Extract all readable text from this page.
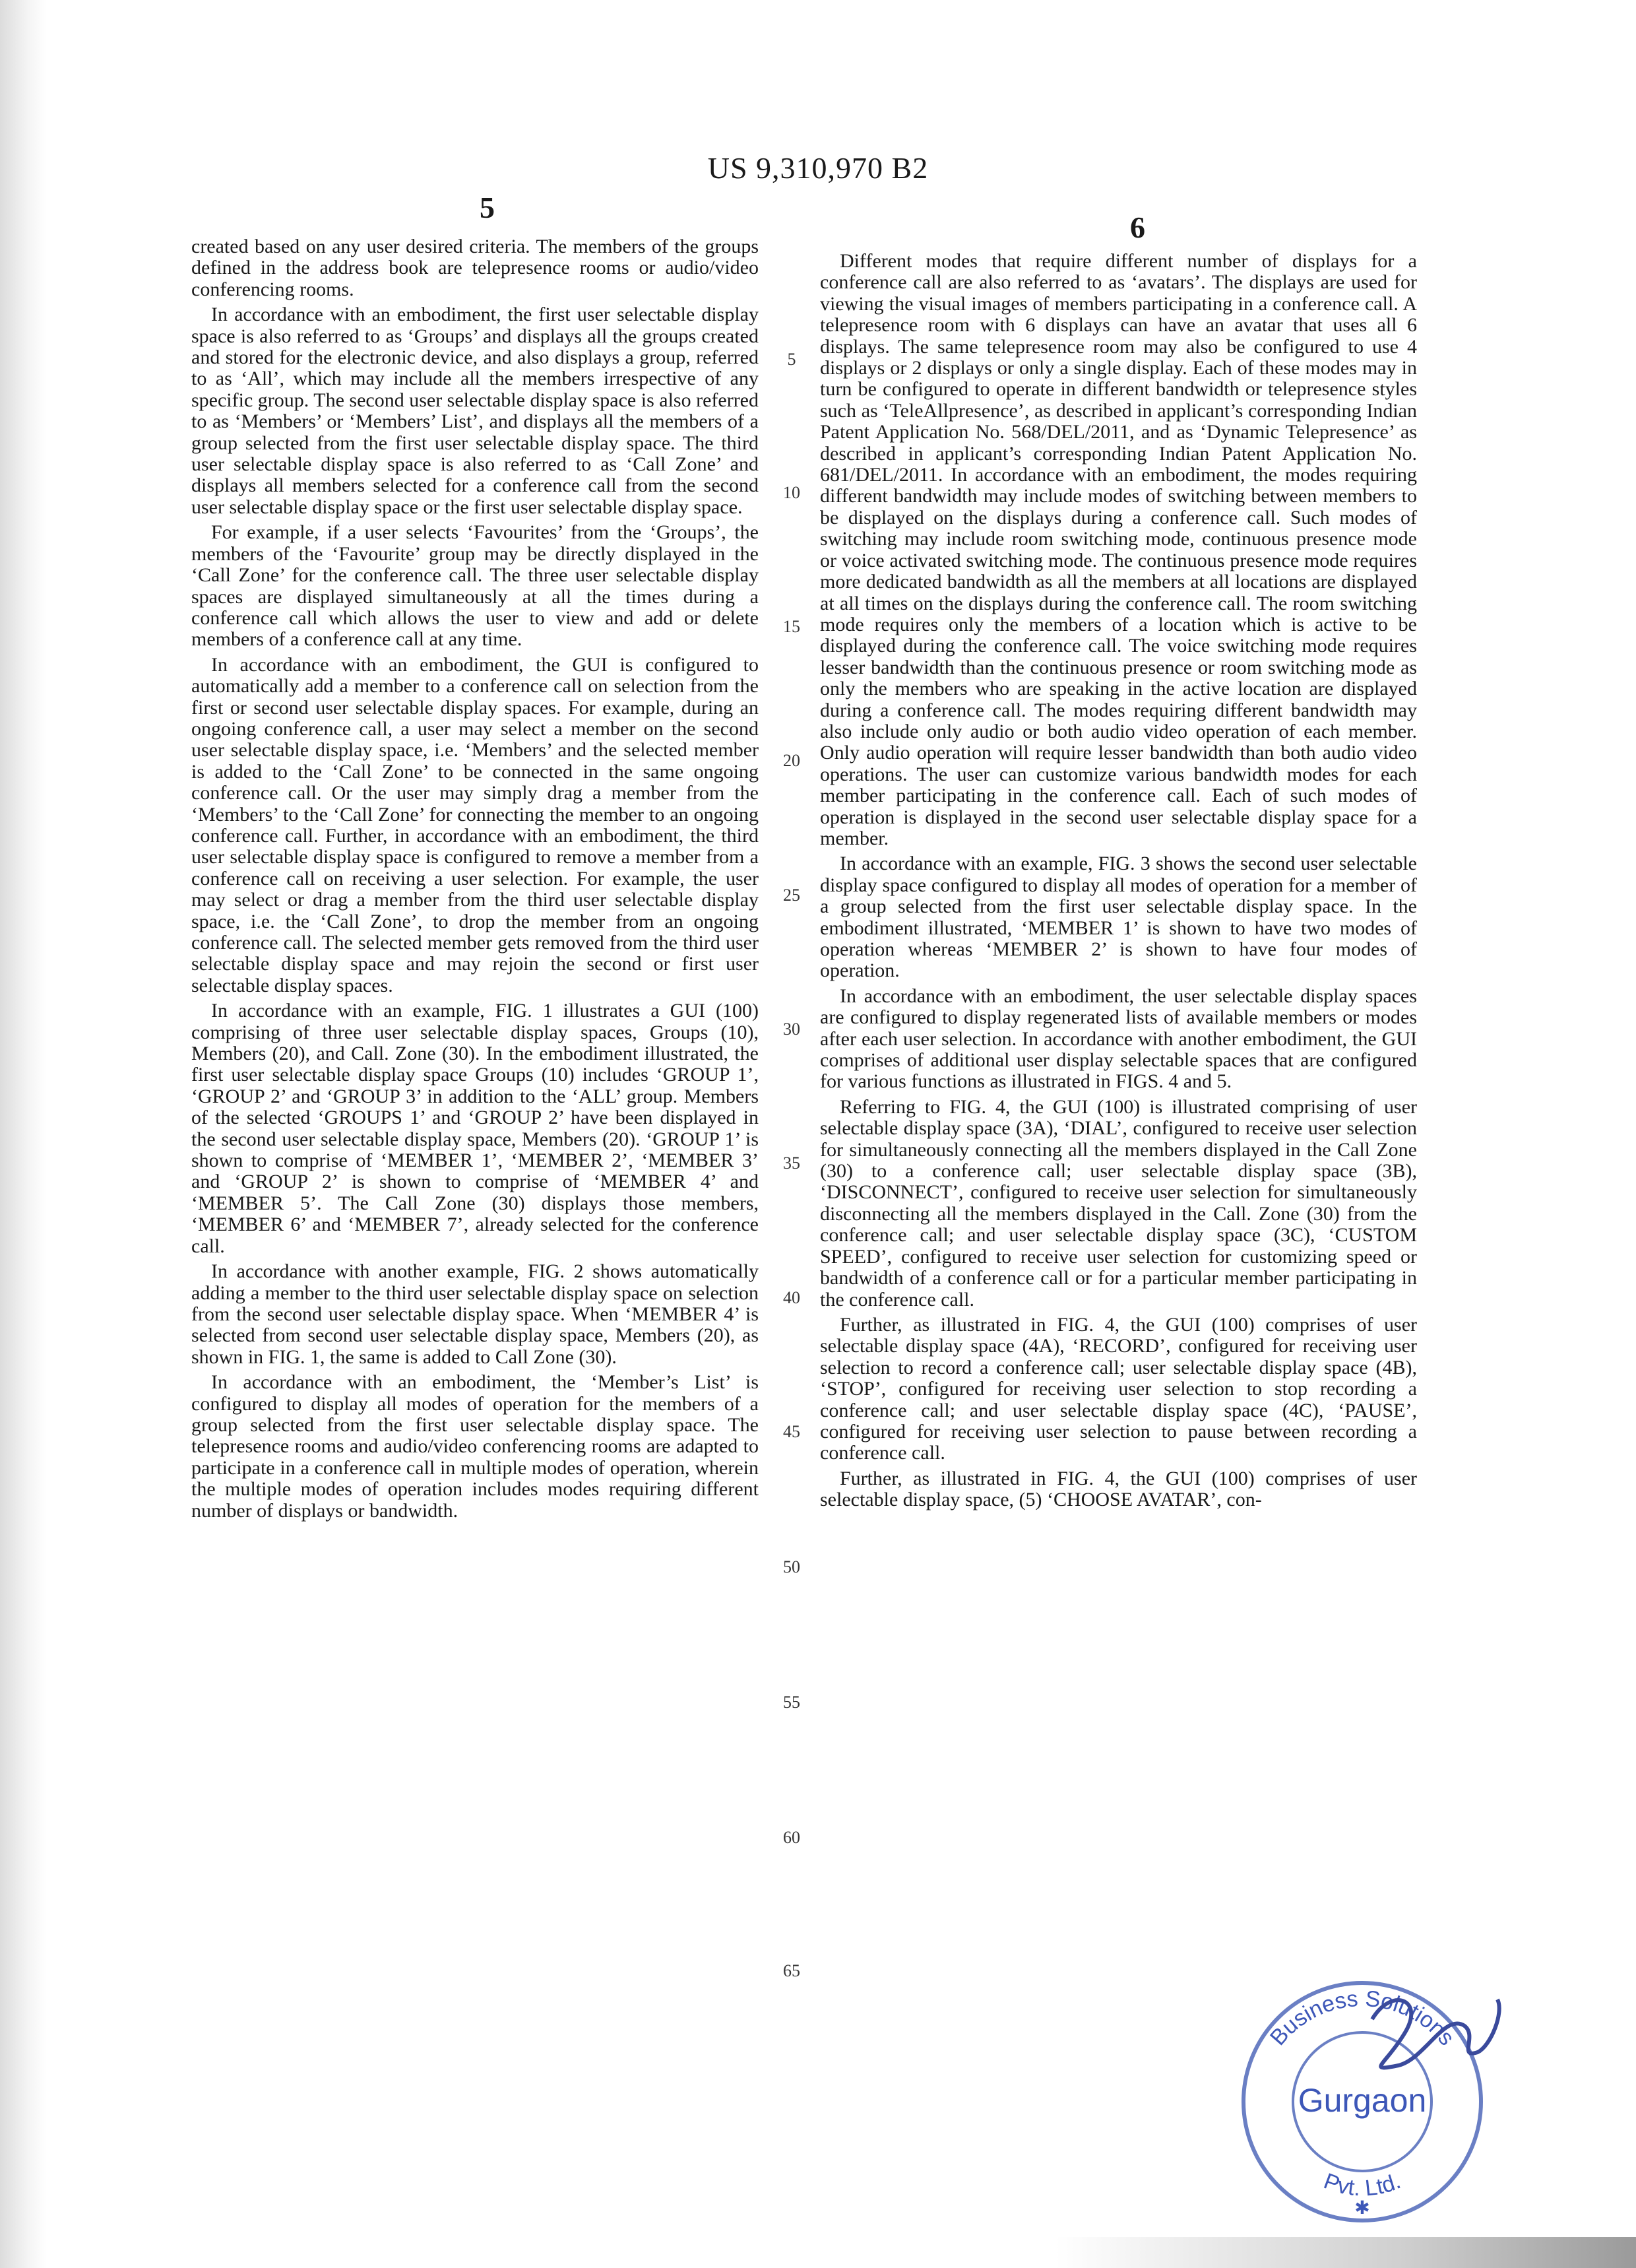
US 9,310,970 B2
5
6

created based on any user desired criteria. The members of the groups defined in the address book are telepresence rooms or audio/video conferencing rooms.

In accordance with an embodiment, the first user selectable display space is also referred to as ‘Groups’ and displays all the groups created and stored for the electronic device, and also displays a group, referred to as ‘All’, which may include all the members irrespective of any specific group. The second user selectable display space is also referred to as ‘Members’ or ‘Members’ List’, and displays all the members of a group selected from the first user selectable display space. The third user selectable display space is also referred to as ‘Call Zone’ and displays all members selected for a conference call from the second user selectable display space or the first user selectable display space.

For example, if a user selects ‘Favourites’ from the ‘Groups’, the members of the ‘Favourite’ group may be directly displayed in the ‘Call Zone’ for the conference call. The three user selectable display spaces are displayed simultaneously at all the times during a conference call which allows the user to view and add or delete members of a conference call at any time.

In accordance with an embodiment, the GUI is configured to automatically add a member to a conference call on selection from the first or second user selectable display spaces. For example, during an ongoing conference call, a user may select a member on the second user selectable display space, i.e. ‘Members’ and the selected member is added to the ‘Call Zone’ to be connected in the same ongoing conference call. Or the user may simply drag a member from the ‘Members’ to the ‘Call Zone’ for connecting the member to an ongoing conference call. Further, in accordance with an embodiment, the third user selectable display space is configured to remove a member from a conference call on receiving a user selection. For example, the user may select or drag a member from the third user selectable display space, i.e. the ‘Call Zone’, to drop the member from an ongoing conference call. The selected member gets removed from the third user selectable display space and may rejoin the second or first user selectable display spaces.

In accordance with an example, FIG. 1 illustrates a GUI (100) comprising of three user selectable display spaces, Groups (10), Members (20), and Call. Zone (30). In the embodiment illustrated, the first user selectable display space Groups (10) includes ‘GROUP 1’, ‘GROUP 2’ and ‘GROUP 3’ in addition to the ‘ALL’ group. Members of the selected ‘GROUPS 1’ and ‘GROUP 2’ have been displayed in the second user selectable display space, Members (20). ‘GROUP 1’ is shown to comprise of ‘MEMBER 1’, ‘MEMBER 2’, ‘MEMBER 3’ and ‘GROUP 2’ is shown to comprise of ‘MEMBER 4’ and ‘MEMBER 5’. The Call Zone (30) displays those members, ‘MEMBER 6’ and ‘MEMBER 7’, already selected for the conference call.

In accordance with another example, FIG. 2 shows automatically adding a member to the third user selectable display space on selection from the second user selectable display space. When ‘MEMBER 4’ is selected from second user selectable display space, Members (20), as shown in FIG. 1, the same is added to Call Zone (30).

In accordance with an embodiment, the ‘Member’s List’ is configured to display all modes of operation for the members of a group selected from the first user selectable display space. The telepresence rooms and audio/video conferencing rooms are adapted to participate in a conference call in multiple modes of operation, wherein the multiple modes of operation includes modes requiring different number of displays or bandwidth.

5
10
15
20
25
30
35
40
45
50
55
60
65

Different modes that require different number of displays for a conference call are also referred to as ‘avatars’. The displays are used for viewing the visual images of members participating in a conference call. A telepresence room with 6 displays can have an avatar that uses all 6 displays. The same telepresence room may also be configured to use 4 displays or 2 displays or only a single display. Each of these modes may in turn be configured to operate in different bandwidth or telepresence styles such as ‘TeleAllpresence’, as described in applicant’s corresponding Indian Patent Application No. 568/DEL/2011, and as ‘Dynamic Telepresence’ as described in applicant’s corresponding Indian Patent Application No. 681/DEL/2011. In accordance with an embodiment, the modes requiring different bandwidth may include modes of switching between members to be displayed on the displays during a conference call. Such modes of switching may include room switching mode, continuous presence mode or voice activated switching mode. The continuous presence mode requires more dedicated bandwidth as all the members at all locations are displayed at all times on the displays during the conference call. The room switching mode requires only the members of a location which is active to be displayed during the conference call. The voice switching mode requires lesser bandwidth than the continuous presence or room switching mode as only the members who are speaking in the active location are displayed during a conference call. The modes requiring different bandwidth may also include only audio or both audio video operation of each member. Only audio operation will require lesser bandwidth than both audio video operations. The user can customize various bandwidth modes for each member participating in the conference call. Each of such modes of operation is displayed in the second user selectable display space for a member.

In accordance with an example, FIG. 3 shows the second user selectable display space configured to display all modes of operation for a member of a group selected from the first user selectable display space. In the embodiment illustrated, ‘MEMBER 1’ is shown to have two modes of operation whereas ‘MEMBER 2’ is shown to have four modes of operation.

In accordance with an embodiment, the user selectable display spaces are configured to display regenerated lists of available members or modes after each user selection. In accordance with another embodiment, the GUI comprises of additional user display selectable spaces that are configured for various functions as illustrated in FIGS. 4 and 5.

Referring to FIG. 4, the GUI (100) is illustrated comprising of user selectable display space (3A), ‘DIAL’, configured to receive user selection for simultaneously connecting all the members displayed in the Call Zone (30) to a conference call; user selectable display space (3B), ‘DISCONNECT’, configured to receive user selection for simultaneously disconnecting all the members displayed in the Call. Zone (30) from the conference call; and user selectable display space (3C), ‘CUSTOM SPEED’, configured to receive user selection for customizing speed or bandwidth of a conference call or for a particular member participating in the conference call.

Further, as illustrated in FIG. 4, the GUI (100) comprises of user selectable display space (4A), ‘RECORD’, configured for receiving user selection to record a conference call; user selectable display space (4B), ‘STOP’, configured for receiving user selection to stop recording a conference call; and user selectable display space (4C), ‘PAUSE’, configured for receiving user selection to pause between recording a conference call.

Further, as illustrated in FIG. 4, the GUI (100) comprises of user selectable display space, (5) ‘CHOOSE AVATAR’, con-

Business Solutions
Pvt. Ltd.
Gurgaon
✱
